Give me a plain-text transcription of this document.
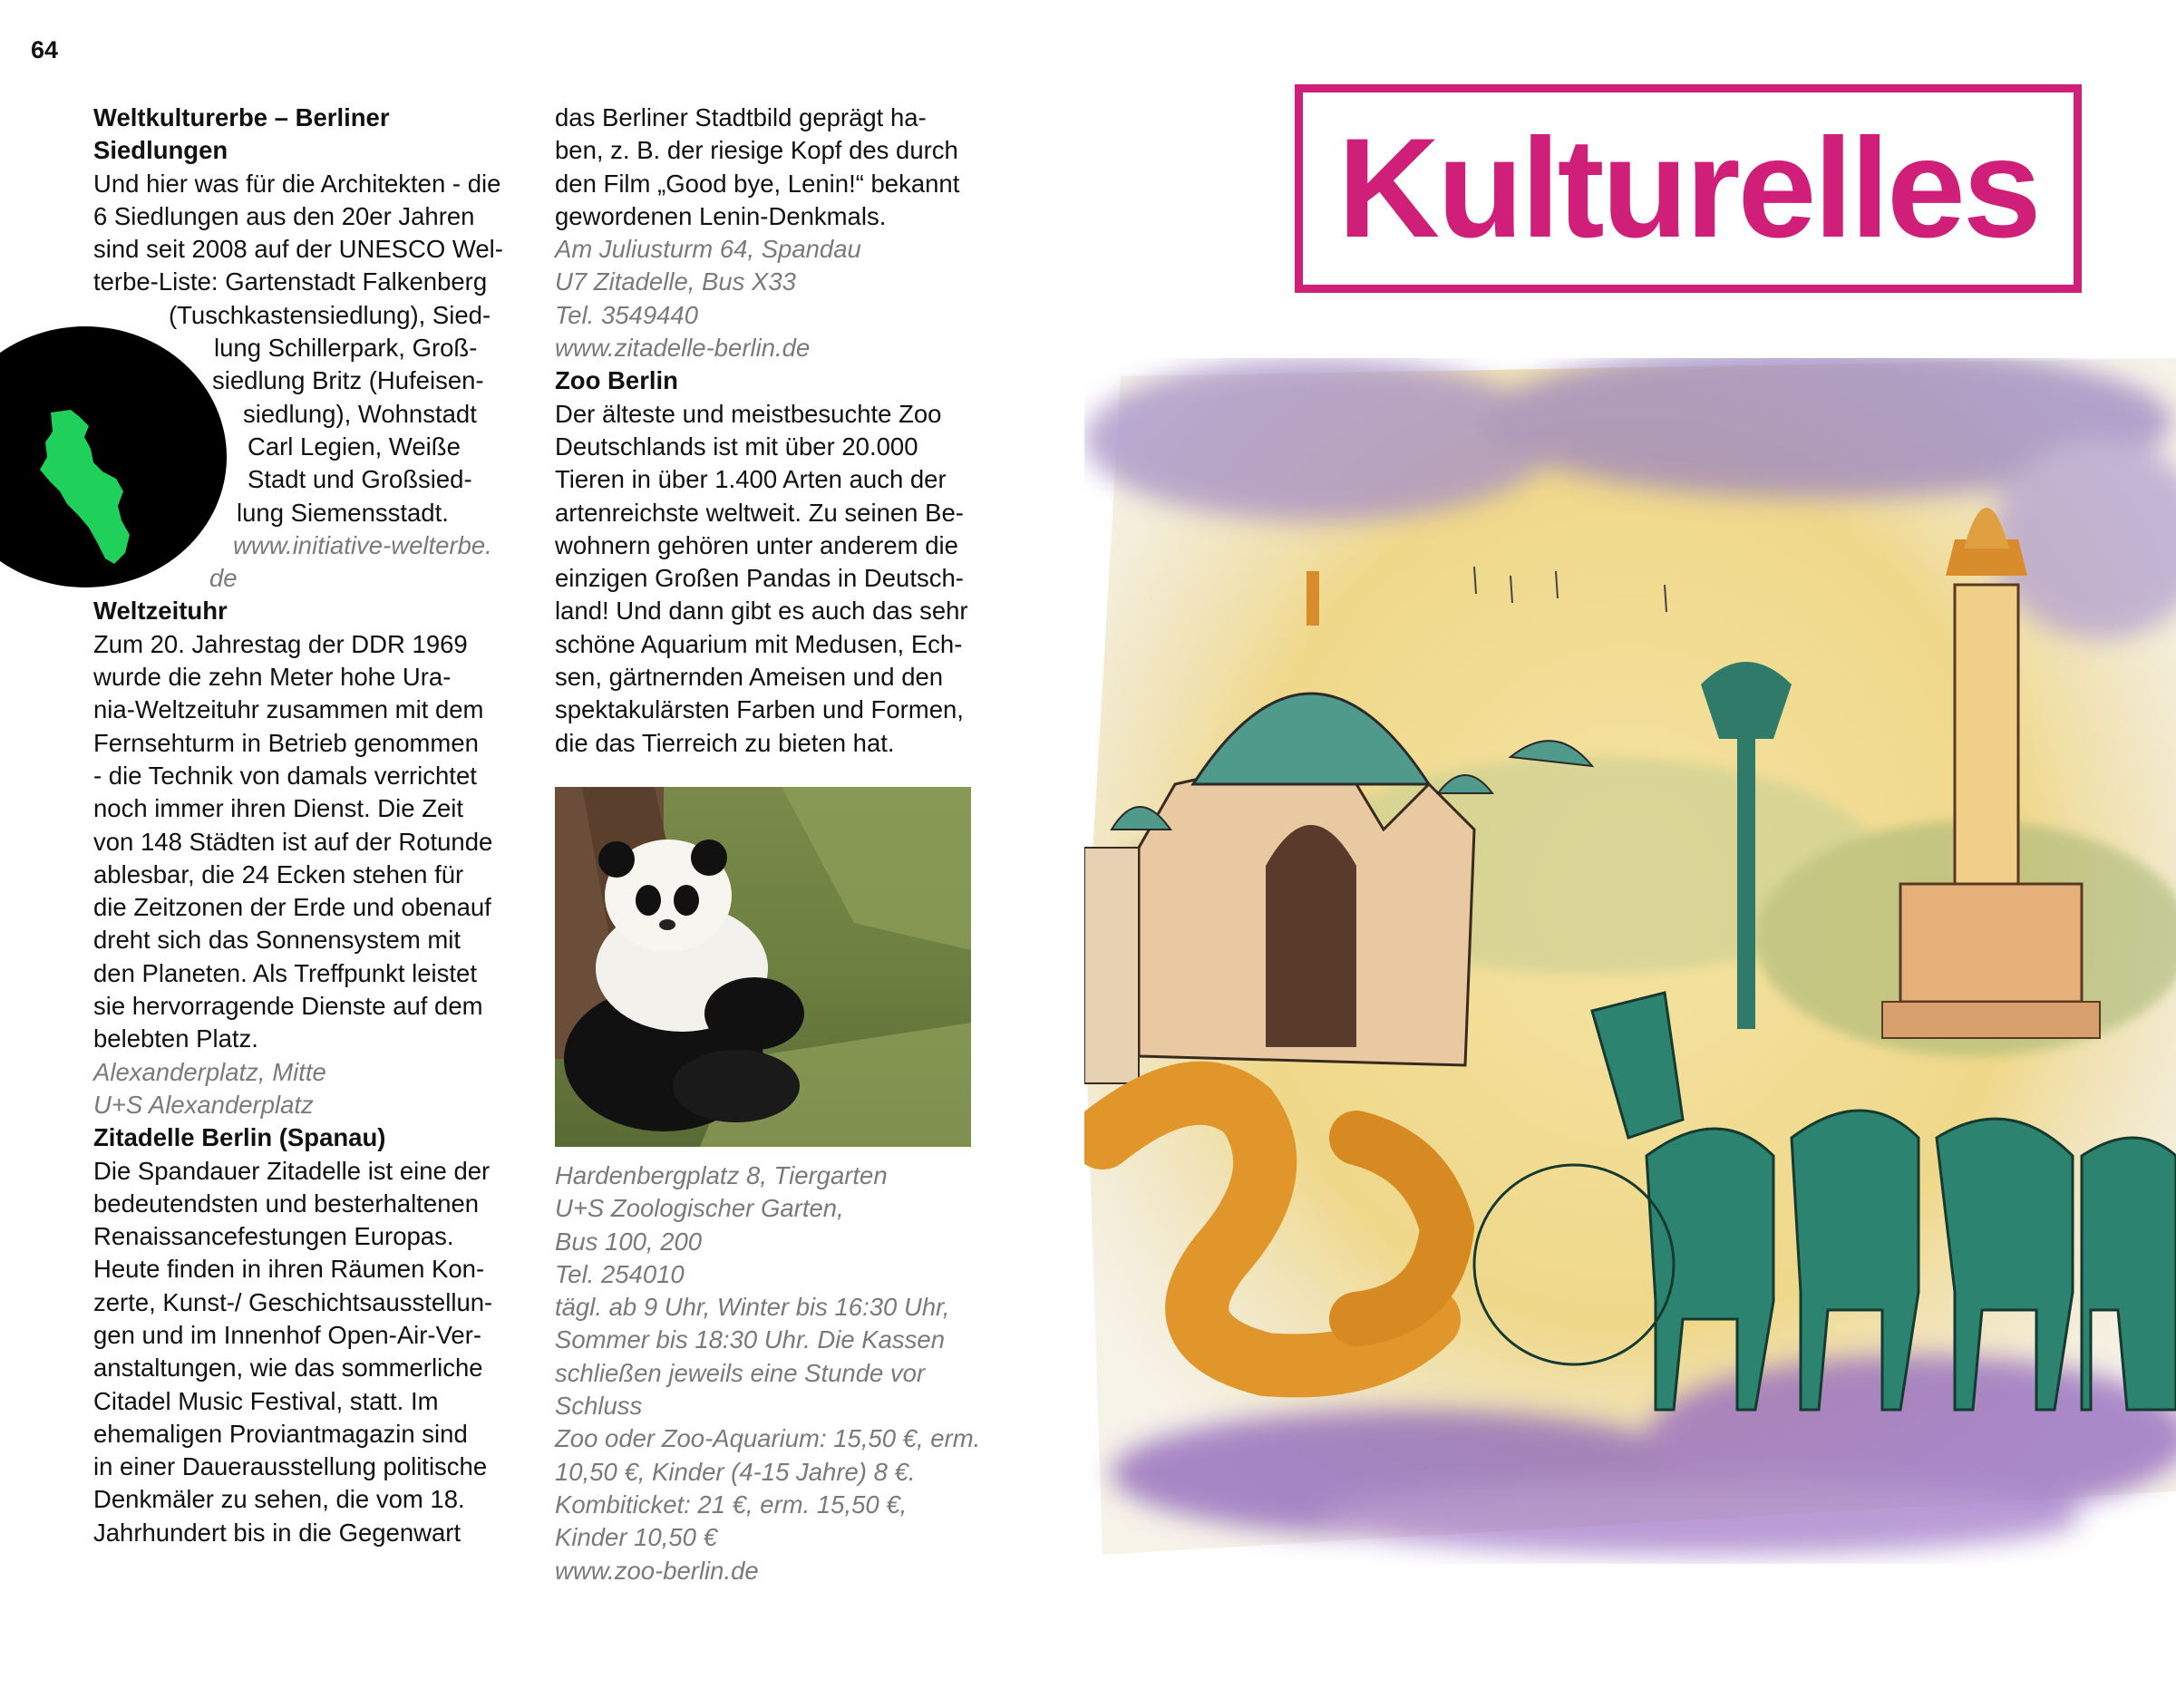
64
Weltkulturerbe – Berliner
Siedlungen

Und hier was für die Architekten - die
6 Siedlungen aus den 20er Jahren
sind seit 2008 auf der UNESCO Wel-
terbe-Liste: Gartenstadt Falkenberg
(Tuschkastensiedlung), Sied-
lung Schillerpark, Groß-
siedlung Britz (Hufeisen-
siedlung), Wohnstadt
Carl Legien, Weiße
Stadt und Großsied-
lung Siemensstadt.

www.initiative-welterbe.
de

Weltzeituhr

Zum 20. Jahrestag der DDR 1969
wurde die zehn Meter hohe Ura-
nia-Weltzeituhr zusammen mit dem
Fernsehturm in Betrieb genommen
- die Technik von damals verrichtet
noch immer ihren Dienst. Die Zeit
von 148 Städten ist auf der Rotunde
ablesbar, die 24 Ecken stehen für
die Zeitzonen der Erde und obenauf
dreht sich das Sonnensystem mit
den Planeten. Als Treffpunkt leistet
sie hervorragende Dienste auf dem
belebten Platz.

Alexanderplatz, Mitte
U+S Alexanderplatz

Zitadelle Berlin (Spanau)

Die Spandauer Zitadelle ist eine der
bedeutendsten und besterhaltenen
Renaissancefestungen Europas.
Heute finden in ihren Räumen Kon-
zerte, Kunst-/ Geschichtsausstellun-
gen und im Innenhof Open-Air-Ver-
anstaltungen, wie das sommerliche
Citadel Music Festival, statt. Im
ehemaligen Proviantmagazin sind
in einer Dauerausstellung politische
Denkmäler zu sehen, die vom 18.
Jahrhundert bis in die Gegenwart

das Berliner Stadtbild geprägt ha-
ben, z. B. der riesige Kopf des durch
den Film „Good bye, Lenin!“ bekannt
gewordenen Lenin-Denkmals.

Am Juliusturm 64, Spandau
U7 Zitadelle, Bus X33
Tel. 3549440
www.zitadelle-berlin.de

Zoo Berlin

Der älteste und meistbesuchte Zoo
Deutschlands ist mit über 20.000
Tieren in über 1.400 Arten auch der
artenreichste weltweit. Zu seinen Be-
wohnern gehören unter anderem die
einzigen Großen Pandas in Deutsch-
land! Und dann gibt es auch das sehr
schöne Aquarium mit Medusen, Ech-
sen, gärtnernden Ameisen und den
spektakulärsten Farben und Formen,
die das Tierreich zu bieten hat.

Hardenbergplatz 8, Tiergarten
U+S Zoologischer Garten,
Bus 100, 200
Tel. 254010
tägl. ab 9 Uhr, Winter bis 16:30 Uhr,
Sommer bis 18:30 Uhr. Die Kassen
schließen jeweils eine Stunde vor
Schluss
Zoo oder Zoo-Aquarium: 15,50 €, erm.
10,50 €, Kinder (4-15 Jahre) 8 €.
Kombiticket: 21 €, erm. 15,50 €,
Kinder 10,50 €
www.zoo-berlin.de

Kulturelles
